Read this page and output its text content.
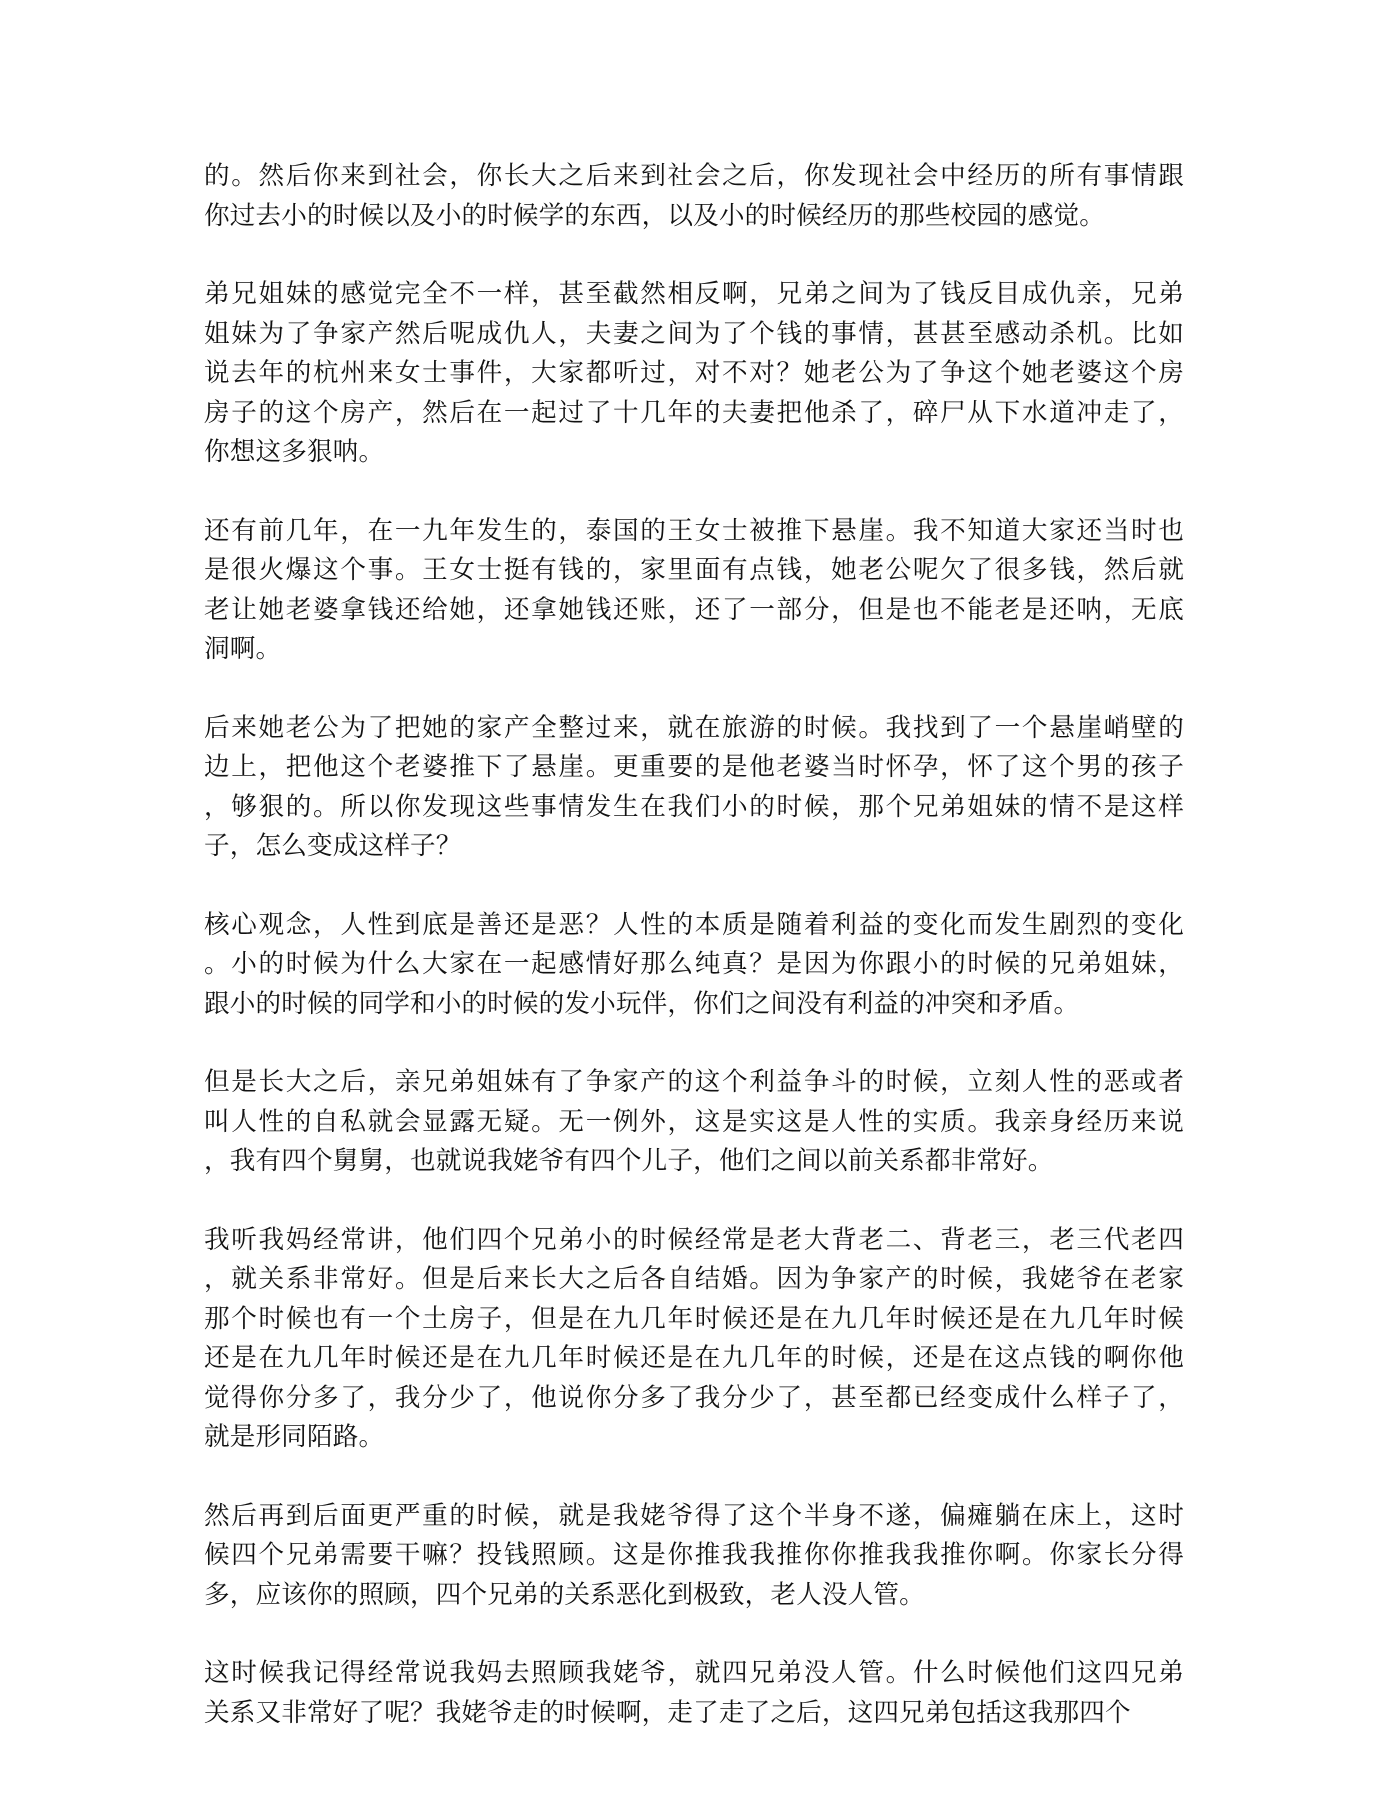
的。然后你来到社会，你长大之后来到社会之后，你发现社会中经历的所有事情跟
你过去小的时候以及小的时候学的东西，以及小的时候经历的那些校园的感觉。
弟兄姐妹的感觉完全不一样，甚至截然相反啊，兄弟之间为了钱反目成仇亲，兄弟
姐妹为了争家产然后呢成仇人，夫妻之间为了个钱的事情，甚甚至感动杀机。比如
说去年的杭州来女士事件，大家都听过，对不对？她老公为了争这个她老婆这个房
房子的这个房产，然后在一起过了十几年的夫妻把他杀了，碎尸从下水道冲走了，
你想这多狠呐。
还有前几年，在一九年发生的，泰国的王女士被推下悬崖。我不知道大家还当时也
是很火爆这个事。王女士挺有钱的，家里面有点钱，她老公呢欠了很多钱，然后就
老让她老婆拿钱还给她，还拿她钱还账，还了一部分，但是也不能老是还呐，无底
洞啊。
后来她老公为了把她的家产全整过来，就在旅游的时候。我找到了一个悬崖峭壁的
边上，把他这个老婆推下了悬崖。更重要的是他老婆当时怀孕，怀了这个男的孩子
，够狠的。所以你发现这些事情发生在我们小的时候，那个兄弟姐妹的情不是这样
子，怎么变成这样子？
核心观念，人性到底是善还是恶？人性的本质是随着利益的变化而发生剧烈的变化
。小的时候为什么大家在一起感情好那么纯真？是因为你跟小的时候的兄弟姐妹，
跟小的时候的同学和小的时候的发小玩伴，你们之间没有利益的冲突和矛盾。
但是长大之后，亲兄弟姐妹有了争家产的这个利益争斗的时候，立刻人性的恶或者
叫人性的自私就会显露无疑。无一例外，这是实这是人性的实质。我亲身经历来说
，我有四个舅舅，也就说我姥爷有四个儿子，他们之间以前关系都非常好。
我听我妈经常讲，他们四个兄弟小的时候经常是老大背老二、背老三，老三代老四
，就关系非常好。但是后来长大之后各自结婚。因为争家产的时候，我姥爷在老家
那个时候也有一个土房子，但是在九几年时候还是在九几年时候还是在九几年时候
还是在九几年时候还是在九几年时候还是在九几年的时候，还是在这点钱的啊你他
觉得你分多了，我分少了，他说你分多了我分少了，甚至都已经变成什么样子了，
就是形同陌路。
然后再到后面更严重的时候，就是我姥爷得了这个半身不遂，偏瘫躺在床上，这时
候四个兄弟需要干嘛？投钱照顾。这是你推我我推你你推我我推你啊。你家长分得
多，应该你的照顾，四个兄弟的关系恶化到极致，老人没人管。
这时候我记得经常说我妈去照顾我姥爷，就四兄弟没人管。什么时候他们这四兄弟
关系又非常好了呢？我姥爷走的时候啊，走了走了之后，这四兄弟包括这我那四个
